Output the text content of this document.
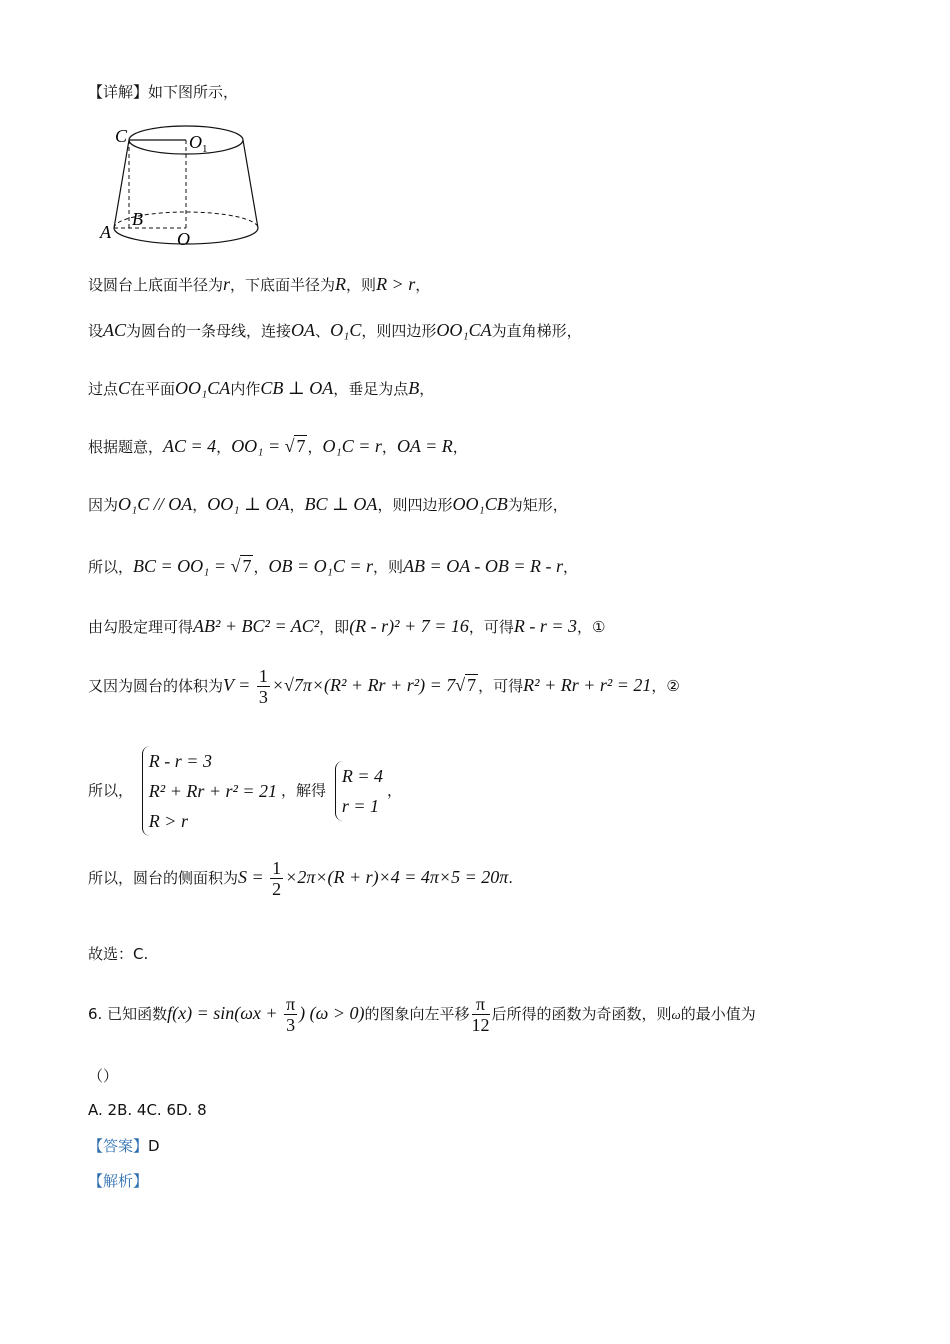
【详解】如下图所示，
C	$O_1$
B
A	O
设圆台上底面半径为r，下底面半径为R，则R > r，
设AC为圆台的一条母线，连接OA、O₁C，则四边形OO₁CA为直角梯形，
过点C在平面OO₁CA内作CB ⊥ OA，垂足为点B，
根据题意，AC = 4，OO₁ = √ 7 ，O₁C = r，OA = R，
因为O₁C // OA，OO₁ ⊥ OA，BC ⊥ OA，则四边形OO₁CB为矩形，
所以，BC = OO₁ = √ 7 ，OB = O₁C = r，则AB = OA - OB = R - r，
由勾股定理可得AB² + BC² = AC²，即(R - r)² + 7 = 16，可得R - r = 3，①
又因为圆台的体积为$V = \frac{1}{3} \times√7\pi\times(R^2 + Rr + r^2) = 7√$ 7 ，可得R² + Rr + r² = 21，②
所以，
R - r = 3
R² + Rr + r² = 21
R > r
，解得
R = 4
r = 1
，
所以，圆台的侧面积为$S = \frac{1}{2} \times 2\pi\times(R + r)\times 4 = 4\pi\times 5 = 20\pi$.
故选：C.
6. 已知函数$f(x) = \sin(\omega x + \frac{\pi}{3}$ ) (ω > 0)的图象向左平移 $\frac{\pi}{12}$ 后所得的函数为奇函数，则ω的最小值为
（）
A. 2B. 4C. 6D. 8
【答案】D
【解析】
